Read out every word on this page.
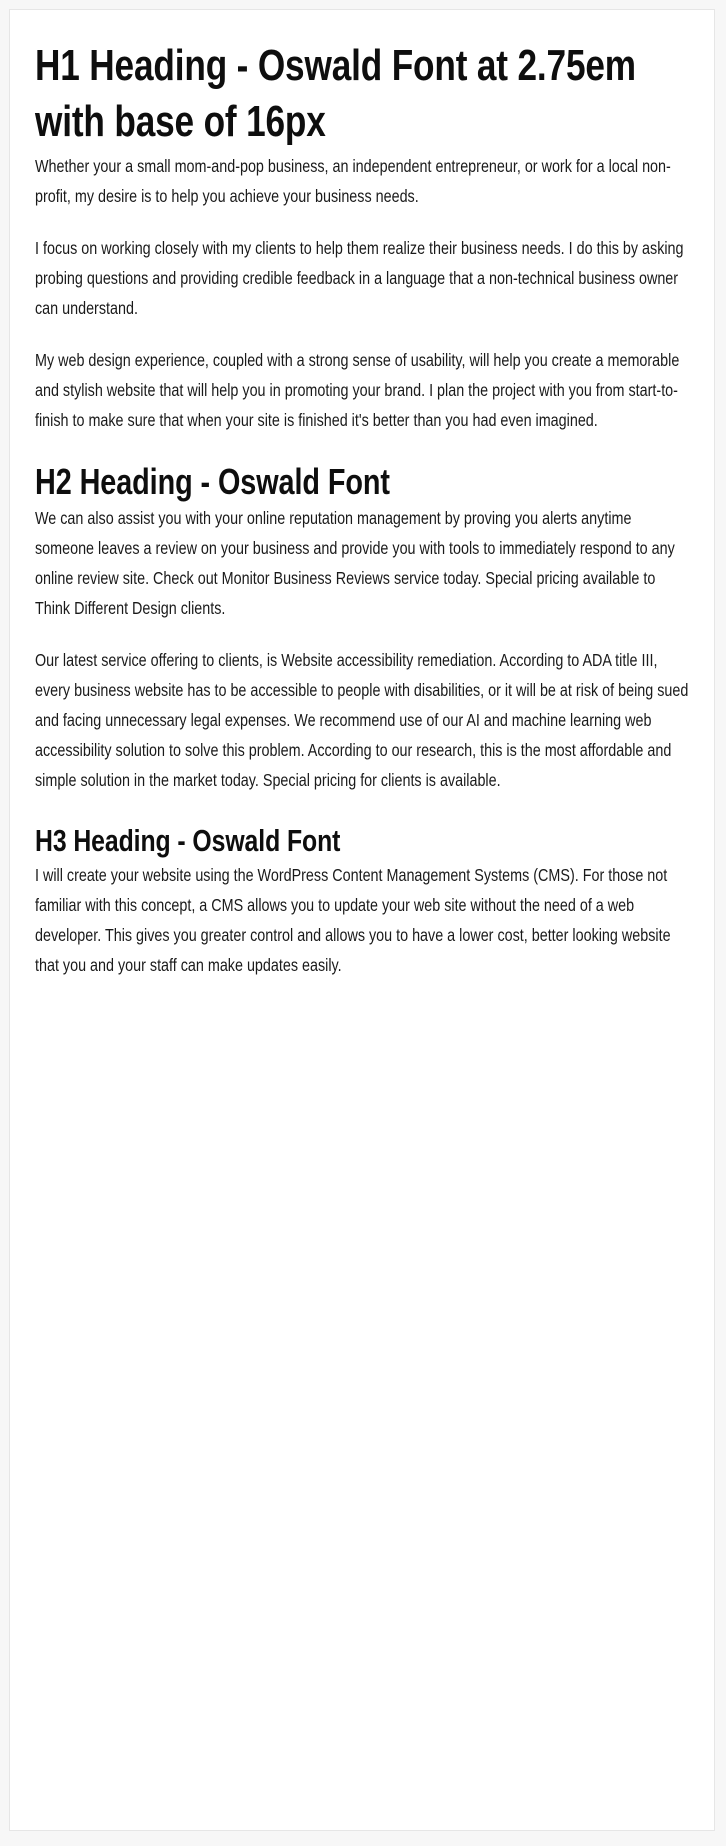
H1 Heading - Oswald Font at 2.75em with base of 16px

Whether your a small mom-and-pop business, an independent entrepreneur, or work for a local non-profit, my desire is to help you achieve your business needs.

I focus on working closely with my clients to help them realize their business needs. I do this by asking probing questions and providing credible feedback in a language that a non-technical business owner can understand.

My web design experience, coupled with a strong sense of usability, will help you create a memorable and stylish website that will help you in promoting your brand. I plan the project with you from start-to-finish to make sure that when your site is finished it's better than you had even imagined.

H2 Heading - Oswald Font

We can also assist you with your online reputation management by proving you alerts anytime someone leaves a review on your business and provide you with tools to immediately respond to any online review site. Check out Monitor Business Reviews service today. Special pricing available to Think Different Design clients.

Our latest service offering to clients, is Website accessibility remediation. According to ADA title III, every business website has to be accessible to people with disabilities, or it will be at risk of being sued and facing unnecessary legal expenses. We recommend use of our AI and machine learning web accessibility solution to solve this problem. According to our research, this is the most affordable and simple solution in the market today. Special pricing for clients is available.

H3 Heading - Oswald Font

I will create your website using the WordPress Content Management Systems (CMS). For those not familiar with this concept, a CMS allows you to update your web site without the need of a web developer. This gives you greater control and allows you to have a lower cost, better looking website that you and your staff can make updates easily.
